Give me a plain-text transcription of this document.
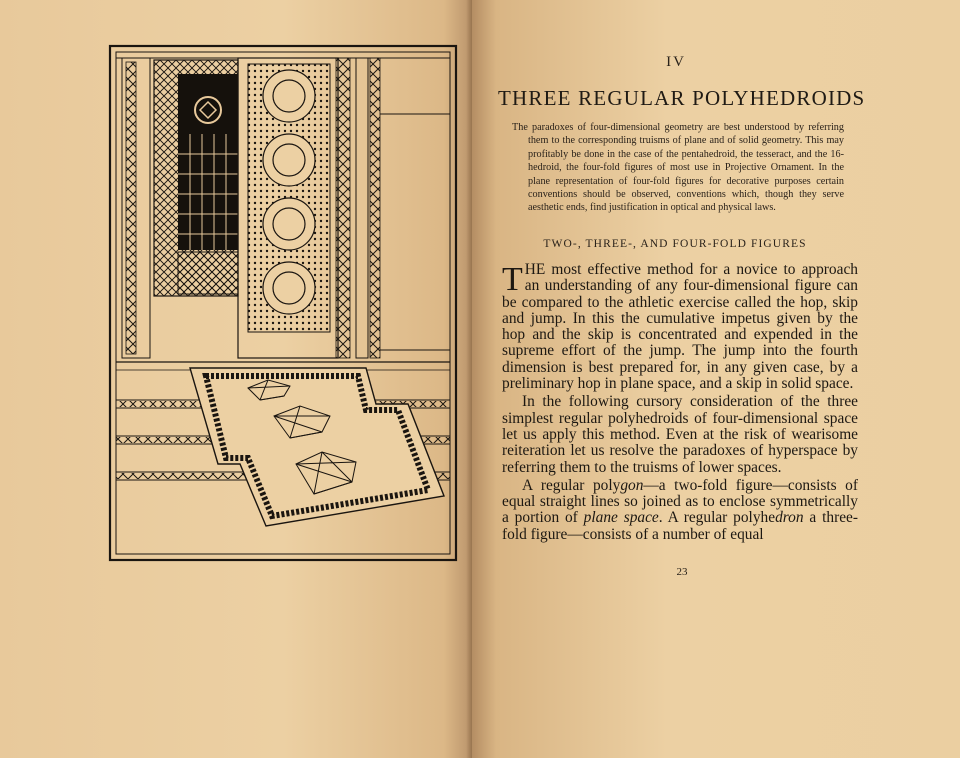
IV
THREE REGULAR POLYHEDROIDS

The paradoxes of four-dimensional geometry are best understood by referring them to the corresponding truisms of plane and of solid geometry. This may profitably be done in the case of the pentahedroid, the tesseract, and the 16-hedroid, the four-fold figures of most use in Projective Ornament. In the plane representation of four-fold figures for decorative purposes certain conventions should be observed, conventions which, though they serve aesthetic ends, find justification in optical and physical laws.

TWO-, THREE-, AND FOUR-FOLD FIGURES

THE most effective method for a novice to approach an understanding of any four-dimensional figure can be compared to the athletic exercise called the hop, skip and jump. In this the cumulative impetus given by the hop and the skip is concentrated and expended in the supreme effort of the jump. The jump into the fourth dimension is best prepared for, in any given case, by a preliminary hop in plane space, and a skip in solid space.

In the following cursory consideration of the three simplest regular polyhedroids of four-dimensional space let us apply this method. Even at the risk of wearisome reiteration let us resolve the paradoxes of hyperspace by referring them to the truisms of lower spaces.

A regular polygon—a two-fold figure—consists of equal straight lines so joined as to enclose symmetrically a portion of plane space. A regular polyhedron a three-fold figure—consists of a number of equal

23
